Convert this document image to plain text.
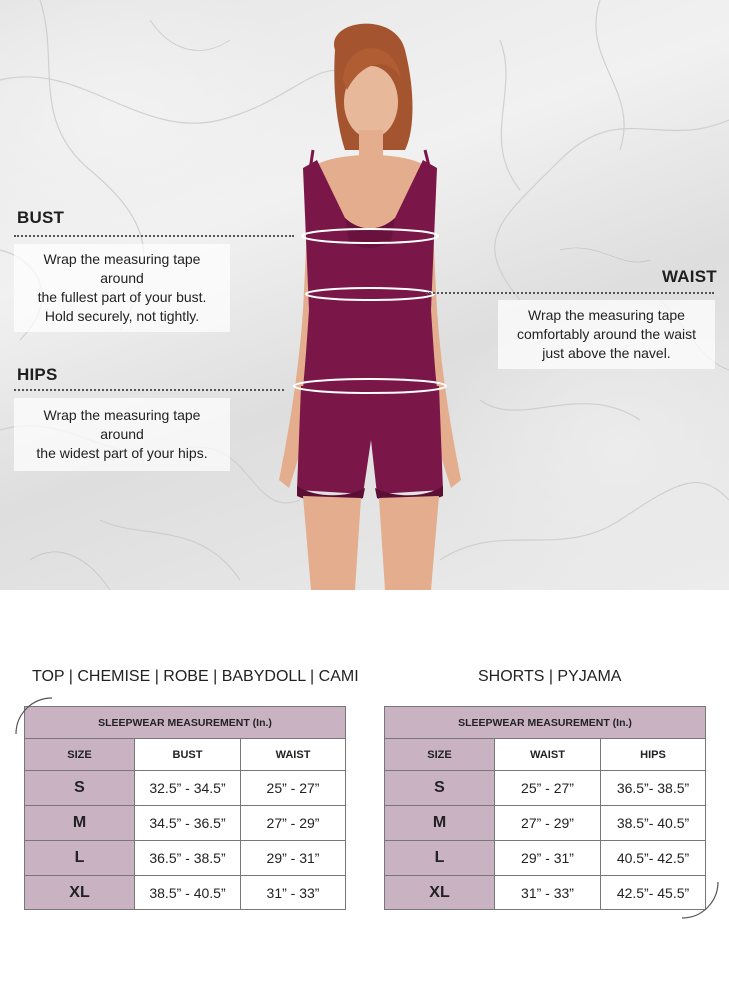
BUST
Wrap the measuring tape around
the fullest part of your bust.
Hold securely, not tightly.
WAIST
Wrap the measuring tape
comfortably around the waist
just above the navel.
HIPS
Wrap the measuring tape around
the widest part of your hips.
TOP | CHEMISE | ROBE | BABYDOLL | CAMI	SHORTS | PYJAMA
SLEEPWEAR MEASUREMENT (In.)
SIZE	BUST	WAIST
S	32.5” - 34.5”	25” - 27”
M	34.5” - 36.5”	27” - 29”
L	36.5” - 38.5”	29” - 31”
XL	38.5” - 40.5”	31” - 33”
SLEEPWEAR MEASUREMENT (In.)
SIZE	WAIST	HIPS
S	25” - 27”	36.5”- 38.5”
M	27” - 29”	38.5”- 40.5”
L	29” - 31”	40.5”- 42.5”
XL	31” - 33”	42.5”- 45.5”
